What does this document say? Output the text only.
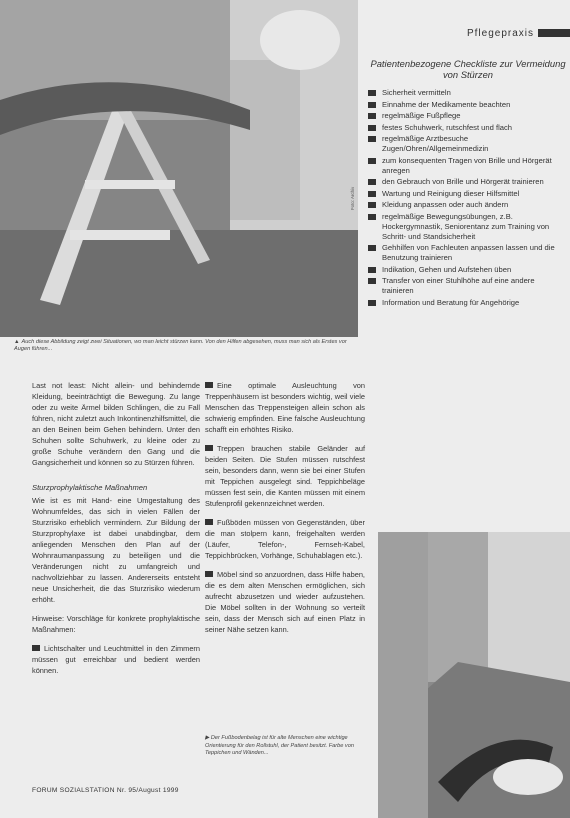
▲ Auch diese Abbildung zeigt zwei Situationen, wo man leicht stürzen kann. Von den Hilfen abgesehen, muss man sich als Erstes vor Augen führen...
Foto: Archiv
Pflegepraxis
Patientenbezogene Checkliste zur Vermeidung von Stürzen
Sicherheit vermitteln
Einnahme der Medikamente beachten
regelmäßige Fußpflege
festes Schuhwerk, rutschfest und flach
regelmäßige Arztbesuche Zugen/Ohren/Allgemeinmedizin
zum konsequenten Tragen von Brille und Hörgerät anregen
den Gebrauch von Brille und Hörgerät trainieren
Wartung und Reinigung dieser Hilfsmittel
Kleidung anpassen oder auch ändern
regelmäßige Bewegungsübungen, z.B. Hockergymnastik, Seniorentanz zum Training von Schritt- und Standsicherheit
Gehhilfen von Fachleuten anpassen lassen und die Benutzung trainieren
Indikation, Gehen und Aufstehen üben
Transfer von einer Stuhlhöhe auf eine andere trainieren
Information und Beratung für Angehörige

Last not least: Nicht allein- und behindernde Kleidung, beeinträchtigt die Bewegung. Zu lange oder zu weite Ärmel bilden Schlingen, die zu Fall führen, nicht zuletzt auch Inkontinenzhilfsmittel, die an den Beinen beim Gehen behindern. Unter den Schuhen sollte Schuhwerk, zu kleine oder zu große Schuhe verändern den Gang und die Gangsicherheit und können so zu Stürzen führen.

Sturzprophylaktische Maßnahmen

Wie ist es mit Hand- eine Umgestaltung des Wohnumfeldes, das sich in vielen Fällen der Sturzrisiko erheblich vermindern. Zur Bildung der Sturzprophylaxe ist dabei unabdingbar, dem anliegenden Menschen den Plan auf der Wohnraumanpassung zu beteiligen und die Veränderungen nicht zu umfangreich und nachvollziehbar zu lassen. Andererseits entsteht neue Unsicherheit, die das Sturzrisiko wiederum erhöht.

Hinweise: Vorschläge für konkrete prophylaktische Maßnahmen:

Lichtschalter und Leuchtmittel in den Zimmern müssen gut erreichbar und bedient werden können.

Eine optimale Ausleuchtung von Treppenhäusern ist besonders wichtig, weil viele Menschen das Treppensteigen allein schon als schwierig empfinden. Eine falsche Ausleuchtung schafft ein erhöhtes Risiko.

Treppen brauchen stabile Geländer auf beiden Seiten. Die Stufen müssen rutschfest sein, besonders dann, wenn sie bei einer Stufen mit Teppichen ausgelegt sind. Teppichbeläge müssen fest sein, die Kanten müssen mit einem Stufenprofil gekennzeichnet werden.

Fußböden müssen von Gegenständen, über die man stolpern kann, freigehalten werden (Läufer, Telefon-, Fernseh-Kabel, Teppichbrücken, Vorhänge, Schuhablagen etc.).

Möbel sind so anzuordnen, dass Hilfe haben, die es dem alten Menschen ermöglichen, sich aufrecht abzusetzen und wieder aufzustehen. Die Möbel sollten in der Wohnung so verteilt sein, dass der Mensch sich auf einen Platz in seiner Nähe setzen kann.

▶ Der Fußbodenbelag ist für alte Menschen eine wichtige Orientierung für den Rollstuhl, der Patient besitzt. Farbe von Teppichen und Wänden...
FORUM SOZIALSTATION Nr. 95/August 1999
